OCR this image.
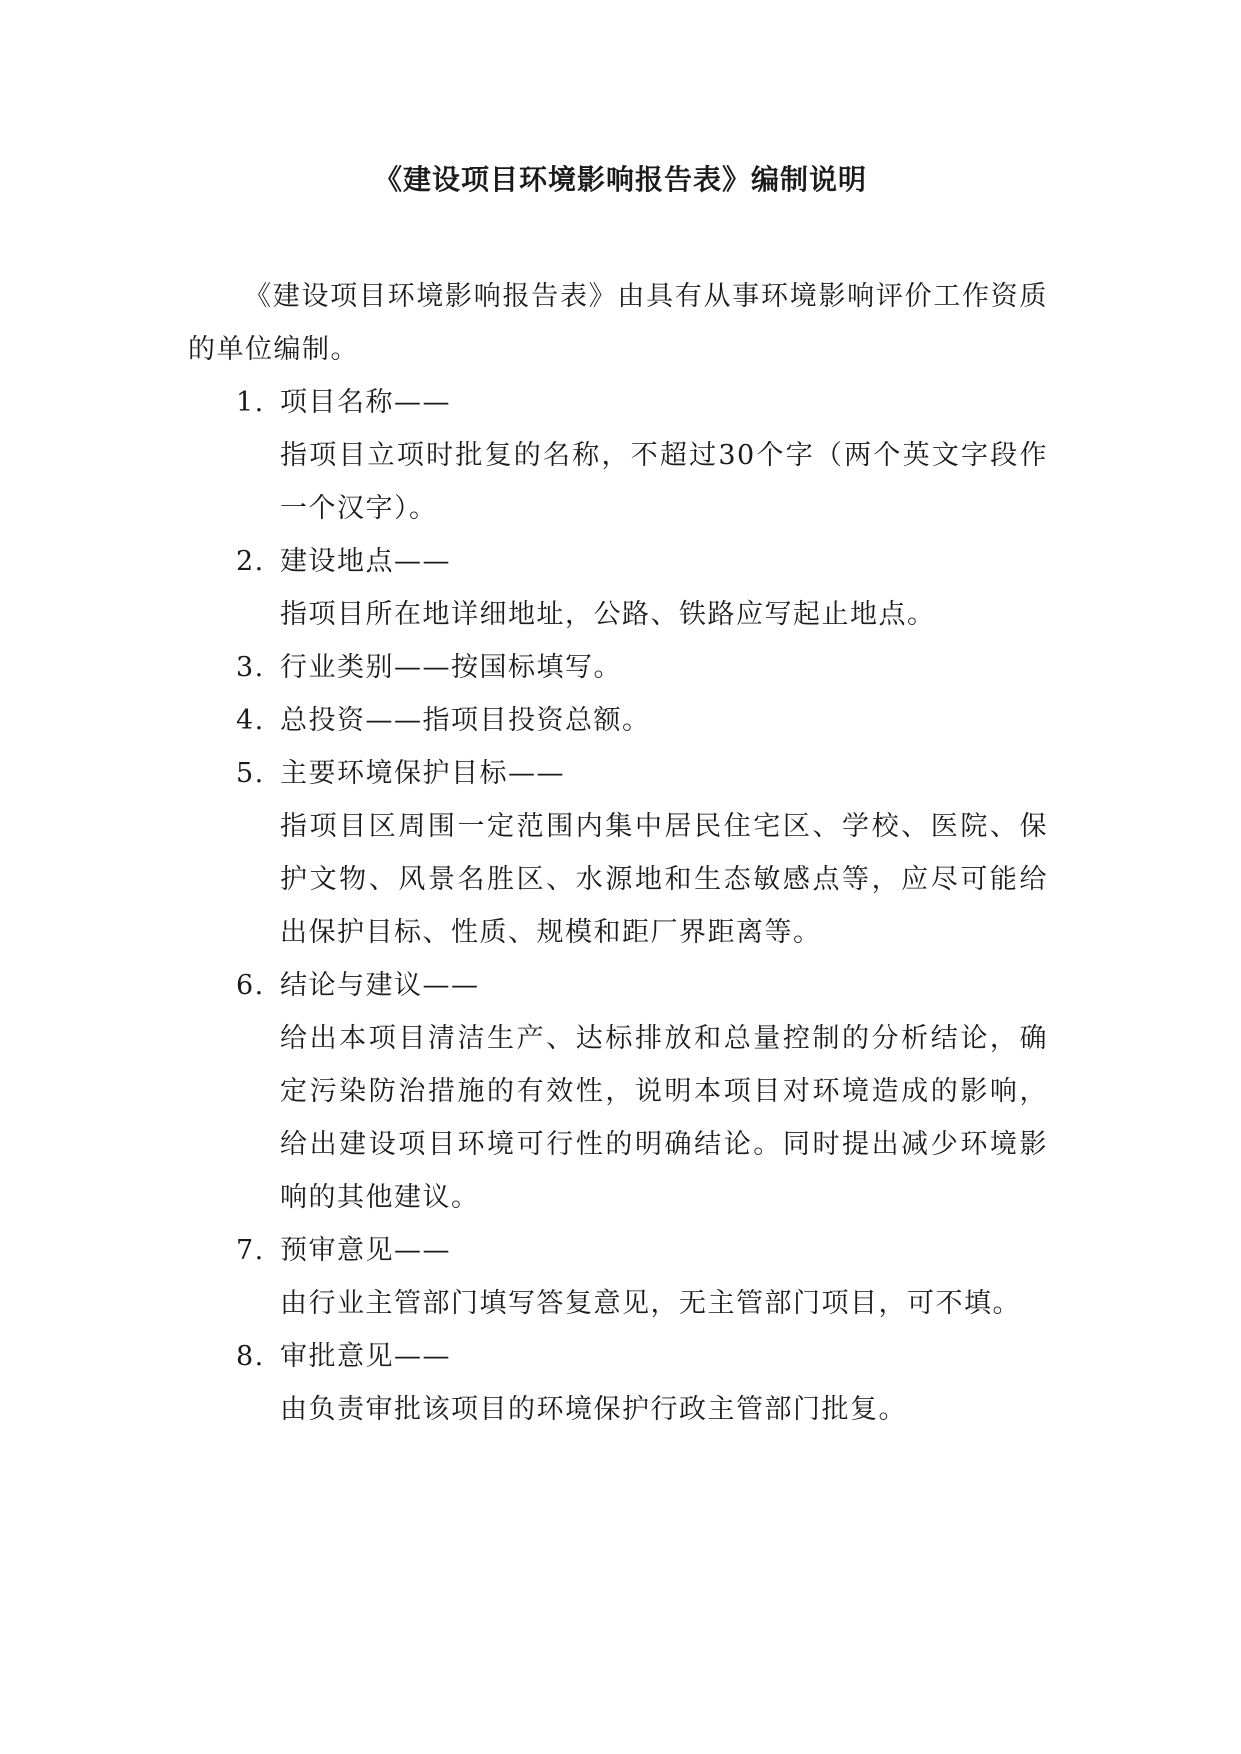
《建设项目环境影响报告表》编制说明

《建设项目环境影响报告表》由具有从事环境影响评价工作资质的单位编制。

1. 项目名称——
指项目立项时批复的名称，不超过30个字（两个英文字段作一个汉字）。
2. 建设地点——
指项目所在地详细地址，公路、铁路应写起止地点。
3. 行业类别——按国标填写。
4. 总投资——指项目投资总额。
5. 主要环境保护目标——
指项目区周围一定范围内集中居民住宅区、学校、医院、保护文物、风景名胜区、水源地和生态敏感点等，应尽可能给出保护目标、性质、规模和距厂界距离等。
6. 结论与建议——
给出本项目清洁生产、达标排放和总量控制的分析结论，确定污染防治措施的有效性，说明本项目对环境造成的影响，给出建设项目环境可行性的明确结论。同时提出减少环境影响的其他建议。
7. 预审意见——
由行业主管部门填写答复意见，无主管部门项目，可不填。
8. 审批意见——
由负责审批该项目的环境保护行政主管部门批复。
